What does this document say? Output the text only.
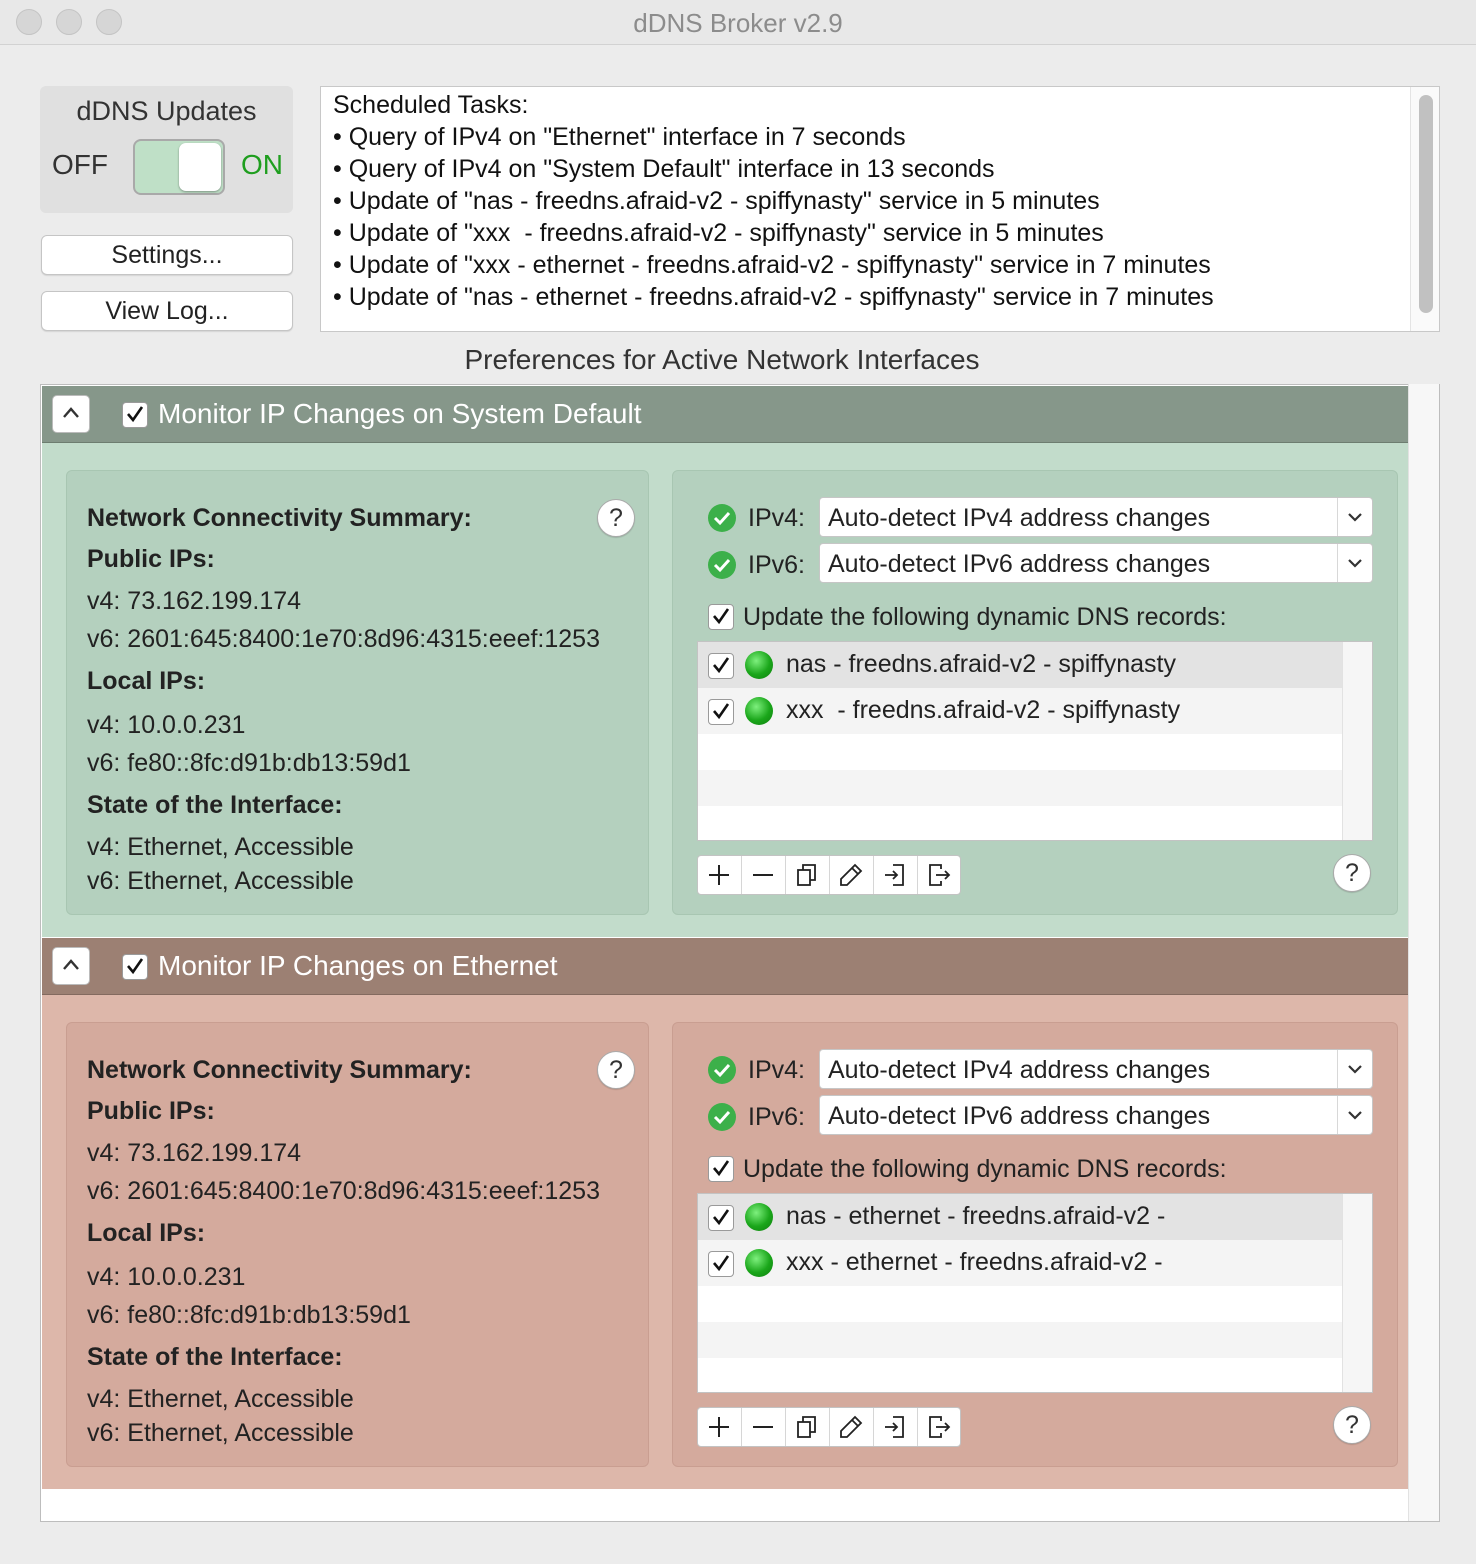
dDNS Broker v2.9
dDNS Updates
OFF	ON
Settings...
View Log...
Scheduled Tasks:
• Query of IPv4 on "Ethernet" interface in 7 seconds
• Query of IPv4 on "System Default" interface in 13 seconds
• Update of "nas - freedns.afraid-v2 - spiffynasty" service in 5 minutes
• Update of "xxx  - freedns.afraid-v2 - spiffynasty" service in 5 minutes
• Update of "xxx - ethernet - freedns.afraid-v2 - spiffynasty" service in 7 minutes
• Update of "nas - ethernet - freedns.afraid-v2 - spiffynasty" service in 7 minutes
Preferences for Active Network Interfaces
Monitor IP Changes on System Default
Network Connectivity Summary:
Public IPs:
v4: 73.162.199.174
v6: 2601:645:8400:1e70:8d96:4315:eeef:1253
Local IPs:
v4: 10.0.0.231
v6: fe80::8fc:d91b:db13:59d1
State of the Interface:
v4: Ethernet, Accessible
v6: Ethernet, Accessible
?	IPv4: Auto-detect IPv4 address changes
IPv6: Auto-detect IPv6 address changes
Update the following dynamic DNS records:
nas - freedns.afraid-v2 - spiffynasty
xxx  - freedns.afraid-v2 - spiffynasty
?
Monitor IP Changes on Ethernet
Network Connectivity Summary:
Public IPs:
v4: 73.162.199.174
v6: 2601:645:8400:1e70:8d96:4315:eeef:1253
Local IPs:
v4: 10.0.0.231
v6: fe80::8fc:d91b:db13:59d1
State of the Interface:
v4: Ethernet, Accessible
v6: Ethernet, Accessible
?	IPv4: Auto-detect IPv4 address changes
IPv6: Auto-detect IPv6 address changes
Update the following dynamic DNS records:
nas - ethernet - freedns.afraid-v2 -
xxx - ethernet - freedns.afraid-v2 -
?
